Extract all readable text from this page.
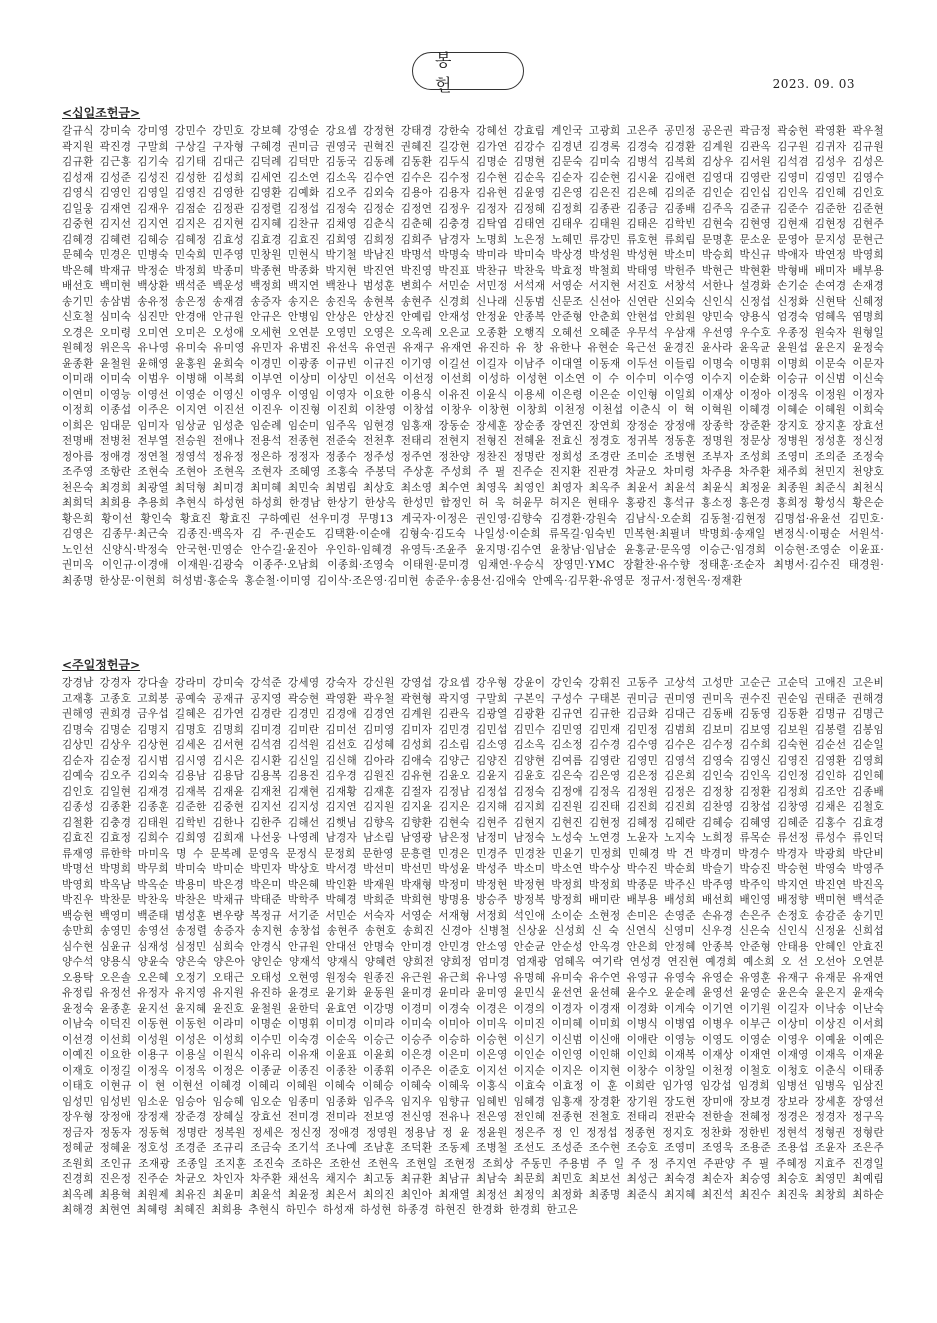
봉 헌	2023. 09. 03
<십일조헌금>
갈규식 강미숙 강미영 강민수 강민호 강보혜 강영순 강요셉 강정현 강태경 강한숙 강혜선 강효림 계인국 고광희 고은주 공민정 공은권 곽금정 곽숭현 곽영환 곽우철 곽지원 곽진경 구말희 구상길 구자형 구혜경 권미금 권영국 권혁진 권혜진 길강현 김가연 김강수 김경년 김경록 김경숙 김경환 김계원 김관옥 김구원 김귀자 김규원 김규환 김근홍 김기숙 김기태 김대근 김덕례 김덕만 김동국 김동례 김동환 김두식 김명순 김명현 김문숙 김미숙 김병석 김복희 김상우 김서원 김석겸 김성우 김성은 김성재 김성준 김성진 김성한 김성희 김세연 김소연 김소옥 김수연 김수은 김수정 김수현 김순옥 김순자 김순현 김시윤 김애련 김영대 김영란 김영미 김영민 김영수 김영식 김영인 김영일 김영진 김영한 김영환 김예화 김오주 김외숙 김용아 김용자 김유현 김윤영 김은영 김은진 김은혜 김의준 김인순 김인십 김인옥 김인혜 김인호 김일웅 김재연 김재우 김점순 김정관 김정렬 김정섭 김정숙 김정순 김정연 김정우 김정자 김정혜 김정희 김종관 김종금 김종배 김주옥 김준규 김준수 김준한 김준현 김중현 김지선 김지연 김지은 김지현 김지혜 김찬규 김채영 김춘식 김춘혜 김충경 김탁엽 김태연 김태우 김태원 김태은 김학빈 김현숙 김현영 김현재 김현정 김현주 김혜경 김혜련 김혜승 김혜정 김효성 김효경 김효진 김희영 김희정 김희주 남경자 노명희 노은정 노혜민 류강민 류호현 류희림 문명훈 문소운 문영아 문지성 문현근 문혜숙 민경은 민병숙 민숙희 민주영 민창원 민현식 박기철 박남진 박명석 박명숙 박미라 박미숙 박상경 박성원 박성현 박소미 박승희 박신규 박애자 박연정 박영희 박은혜 박재규 박정순 박정희 박종미 박종현 박종화 박지현 박진연 박진영 박진표 박찬규 박찬욱 박효정 박철희 박태영 박헌주 박현근 박현환 박형배 배미자 배부용 배선호 백미현 백상환 백석준 백운성 백정희 백지연 백찬나 범성훈 변희수 서민순 서민정 서석재 서영순 서지현 서진호 서창석 서한나 설경화 손기순 손여경 손재경 송기민 송삼범 송유정 송은정 송재겸 송증자 송지은 송진욱 송현복 송현주 신경희 신나래 신동범 신문조 신선아 신연란 신외숙 신인식 신정섭 신정화 신현탁 신혜정 신호철 심미숙 심진만 안경애 안규원 안규은 안병임 안상은 안상진 안예림 안재성 안정윤 안종복 안준형 안춘희 안현섭 안희원 양민숙 양용식 엄경숙 엄혜옥 염명희 오경은 오미령 오미연 오미은 오성애 오세현 오연분 오영민 오영은 오옥례 오은교 오종환 오행직 오혜선 오혜준 우무석 우삼재 우선영 우수호 우종정 원숙자 원형일 원혜정 위은옥 유나영 유미숙 유미영 유민자 유범진 유선옥 유연권 유재구 유재연 유진하 유 창 유한나 유현순 육근선 윤경진 윤사라 윤옥균 윤원섭 윤은지 윤정숙 윤종환 윤철원 윤해영 윤홍원 윤희숙 이경민 이광종 이규빈 이규진 이기영 이길선 이길자 이남주 이대열 이동재 이두선 이들림 이명숙 이명휘 이명희 이문숙 이문자 이미래 이미숙 이범우 이병해 이복희 이부연 이상미 이상민 이선옥 이선정 이선희 이성하 이성현 이소연 이 수 이수미 이수영 이수지 이순화 이승규 이신범 이신숙 이연미 이영능 이영선 이영순 이영신 이영우 이영임 이영자 이요한 이용식 이유진 이윤식 이용세 이은령 이은순 이인형 이일희 이재상 이정아 이정옥 이정원 이정자 이정희 이종섭 이주은 이지연 이진선 이진우 이진형 이진희 이찬영 이창섭 이창우 이창현 이창희 이천정 이천섭 이춘식 이 혁 이혁원 이혜경 이혜순 이혜원 이희숙 이희은 임대문 임미자 임상균 임성춘 임순례 임순미 임주옥 임현경 임홍재 장동순 장세훈 장순종 장연진 장연희 장정순 장정애 장종학 장준환 장지호 장지훈 장효선 전명배 전병천 전부열 전승원 전애나 전용석 전종현 전준숙 전천후 전태리 전현지 전형진 전혜윤 전효신 정경호 정귀복 정동훈 정명원 정문상 정병원 정성훈 정신정 정아름 정애경 정연철 정영석 정유정 정은하 정정자 정종수 정주성 정주연 정찬양 정찬진 정명란 정희성 조경란 조미순 조병현 조부자 조성희 조영미 조의준 조정숙 조주영 조항란 조현숙 조현아 조현옥 조현자 조혜영 조홍숙 주봉덕 주상훈 주성희 주 필 진주순 진지환 진판경 차균오 차미령 차주용 차주환 채주희 천민지 천양호 천은숙 최경희 최광열 최덕형 최미경 최미혜 최민숙 최범림 최상호 최소영 최수연 최영옥 최영인 최영자 최옥주 최윤서 최윤석 최윤식 최정윤 최종원 최준식 최천식 최희덕 최희용 추용희 추현식 하성현 하성희 한경남 한상기 한상옥 한성민 함정인 허 욱 허윤무 허지은 현태우 홍광진 홍석규 홍소정 홍은경 홍희정 황성식 황은순 황은희 황이선 황인숙 황효진 황효진 구하예린 선우미경 무명13 계국자·이정은 권인영·김향숙 김경환·강원숙 김남식·오순희 김동철·김현정 김명섭·유윤선 김민호·김영은 김종무·최근숙 김종진·백옥자 김 주·권순도 김택환·이순애 김형숙·김도숙 나일성·이순희 류목길·임숙빈 민복현·최필녀 박명희·송재일 변정식·이평순 서원석·노인선 신양식·박정숙 안국현·민영순 안수길·윤진아 우인하·임혜경 유영득·조윤주 윤지명·김수연 윤창남·임남순 윤홍균·문옥영 이승근·임경희 이승현·조영순 이윤표·권미옥 이인규·이경애 이재원·김광숙 이종주·오남희 이종희·조영숙 이태원·문미경 임채연·우승식 장영민·YMC 장활찬·유수향 정태훈·조순자 최병서·김수진 태경원·최종명 한상문·이현희 허성범·홍순욱 홍순철·이미영 김이삭·조은영·김미현 송준우·송용선·김애숙 안예옥·김무환·유영문 정규서·정현옥·정재환
<주일정헌금>
강경남 강경자 강다솔 강라미 강미숙 강석준 강세영 강숙자 강신원 강영섭 강요셉 강우형 강윤이 강인숙 강휘진 고동주 고상석 고성만 고순근 고순덕 고애진 고은비 고재홍 고종호 고희봉 공예숙 공재규 공지영 곽승현 곽영환 곽우철 곽현형 곽지영 구말희 구본익 구성수 구태본 권미금 권미영 권미옥 권수진 권순임 권태준 권해경 권해영 권희경 금우섭 길혜은 김가연 김경란 김경민 김경애 김경연 김계원 김관옥 김광열 김광환 김규연 김규한 김금화 김대근 김동배 김동영 김동환 김명규 김명근 김명숙 김명순 김명지 김명호 김명희 김미경 김미란 김미선 김미영 김미자 김민경 김민섭 김민수 김민영 김민재 김민정 김범희 김보미 김보영 김보원 김봉렬 김봉임 김상민 김상우 김상현 김세온 김서현 김석겸 김석원 김선호 김성혜 김성희 김소림 김소영 김소옥 김소정 김수경 김수영 김수은 김수정 김수희 김숙현 김순선 김순일 김순자 김순정 김시범 김시영 김시은 김시환 김신일 김신해 김아라 김애숙 김양근 김양진 김양현 김여름 김영란 김영민 김영석 김영숙 김영신 김영진 김영환 김영희 김예숙 김오주 김외숙 김용남 김용담 김용복 김용진 김우경 김원진 김유현 김윤오 김윤지 김윤호 김은숙 김은영 김은정 김은희 김인숙 김인옥 김인정 김인하 김인혜 김인호 김일현 김재경 김재복 김재윤 김재천 김재현 김재황 김재훈 김절자 김정남 김정섭 김정숙 김정애 김정옥 김정원 김정은 김정창 김정환 김정희 김조안 김종배 김종성 김종환 김종훈 김준한 김중현 김지선 김지성 김지연 김지원 김지윤 김지은 김지해 김지희 김진원 김진태 김진희 김진희 김찬영 김창섭 김창영 김채은 김철호 김철환 김충경 김태원 김학빈 김한나 김한주 김해선 김햇님 김향옥 김향환 김현숙 김현주 김현지 김현진 김현정 김혜정 김혜란 김혜승 김혜영 김혜준 김홍수 김효경 김효진 김효정 김희수 김희영 김희재 나선웅 나영례 남경자 남소림 남영광 남은정 남정미 남정숙 노성숙 노연경 노윤자 노지숙 노희정 류목순 류선정 류성수 류인덕 류재영 류한학 마미옥 명 수 문복례 문영옥 문정식 문정희 문한영 문흥렬 민경은 민경주 민경찬 민윤기 민정희 민혜경 박 건 박경미 박경수 박경자 박광희 박단비 박명선 박명희 박무희 박미숙 박미순 박민자 박상호 박서경 박선미 박선민 박성윤 박성주 박소미 박소연 박수상 박수진 박순희 박슬기 박승진 박승현 박영숙 박영주 박영희 박옥남 박옥순 박용미 박은경 박은미 박은혜 박인환 박재원 박재형 박정미 박정현 박정현 박정희 박정희 박종문 박주신 박주영 박주익 박지연 박진연 박진옥 박진우 박찬문 박찬욱 박찬은 박채규 박태준 박학주 박혜경 박희준 박희현 방명용 방승주 방정복 방정희 배미란 배부용 배성희 배선희 배인영 배정향 백미현 백석준 백승현 백영미 백준태 범성훈 변우량 복정규 서기준 서민순 서숙자 서영순 서재형 서정희 석인애 소이순 소현정 손미은 손영준 손유경 손은주 손정호 송감준 송기민 송만희 송영민 송영선 송정렬 송증자 송지현 송창섭 송현주 송현호 송희진 신경아 신병철 신상윤 신성희 신 숙 신연식 신영미 신우경 신은숙 신인식 신정윤 신희섭 심수현 심윤규 심재성 심정민 심희숙 안경식 안규원 안대선 안명숙 안미경 안민경 안소영 안순균 안순성 안옥경 안은희 안정혜 안종복 안준형 안태용 안혜인 안효진 양수석 양용식 양윤숙 양은숙 양은아 양인순 양재석 양재식 양혜련 양희전 양희정 엄미경 엄재광 엄혜옥 여기락 연성경 연진현 예경희 예소희 오 선 오선아 오연분 오용탁 오은솔 오은혜 오정기 오태근 오태성 오현영 원정숙 원종진 유근원 유근희 유나영 유명혜 유미숙 유수연 유영규 유영숙 유영순 유영훈 유재구 유재문 유재연 유정림 유정선 유정자 유지영 유지원 유진하 윤경로 윤기화 윤동원 윤미경 윤미라 윤미영 윤민식 윤선연 윤선혜 윤수오 윤순례 윤영선 윤영순 윤은숙 윤은지 윤재숙 윤정숙 윤종훈 윤지선 윤지혜 윤진호 윤철원 윤한덕 윤효연 이강명 이경미 이경숙 이경은 이경의 이경자 이경재 이경화 이계숙 이기연 이기원 이길자 이낙송 이난숙 이남숙 이덕진 이동현 이동헌 이라미 이명순 이명휘 이미경 이미라 이미숙 이미아 이미옥 이미진 이미혜 이미희 이병식 이병엽 이병우 이부근 이상미 이상진 이서희 이선경 이선희 이성원 이성은 이성희 이수민 이숙경 이순옥 이승근 이승주 이승하 이승현 이신기 이신범 이신애 이애란 이영능 이영도 이영순 이영우 이예윤 이예은 이예진 이요한 이용구 이용실 이원식 이유리 이유재 이윤표 이윤희 이은경 이은미 이은영 이인순 이인영 이인해 이인희 이재복 이재상 이재연 이재영 이재옥 이재윤 이재호 이정길 이정옥 이정옥 이정은 이종균 이종진 이종찬 이종휘 이주은 이준호 이지선 이지순 이지은 이지현 이창수 이창일 이천정 이철호 이청호 이춘식 이태종 이태호 이현규 이 현 이현선 이혜경 이혜리 이혜원 이혜숙 이혜승 이혜숙 이혜욱 이홍식 이효숙 이효정 이 훈 이희란 임가영 임강섭 임경희 임병선 임병옥 임삼진 임성민 임성빈 임소운 임승아 임승혜 임오순 임종미 임종화 임주옥 임지우 임향규 임혜빈 임혜경 임홍재 장경환 장기원 장도현 장미애 장보경 장보라 장세훈 장영선 장우형 장정애 장정재 장준경 장혜실 장효선 전미경 전미라 전보영 전신영 전유나 전은영 전인혜 전종현 전철호 전태리 전판숙 전한솔 전혜정 정경은 정경자 정구옥 정금자 정동자 정동혁 정명란 정복원 정세은 정신정 정애경 정영원 정용남 정 윤 정윤원 정은주 정 인 정정섭 정종현 정지호 정찬화 정한빈 정현석 정형권 정형란 정혜균 정혜윤 정호성 조경준 조규리 조금숙 조기석 조나예 조남훈 조덕환 조동제 조병철 조선도 조성준 조수현 조승호 조영미 조영욱 조용준 조용섭 조윤자 조은주 조원희 조인규 조재광 조종일 조지훈 조진숙 조하은 조한선 조현옥 조현일 조현정 조희상 주동민 주용범 주 일 주 정 주지연 주판양 주 필 주혜정 지효주 진경일 진경희 진은정 진주순 차균오 차인자 차주환 채선옥 채지수 최고동 최규환 최남규 최남숙 최문희 최민호 최보선 최성근 최숙경 최순자 최승영 최승호 최영민 최예림 최옥례 최용혁 최원제 최유진 최윤미 최윤석 최윤정 최은서 최의진 최인아 최재열 최정선 최정익 최정화 최종명 최준식 최지혜 최진석 최진수 최진욱 최창희 최하순 최해경 최현연 최혜령 최혜진 최희용 추현식 하민수 하성재 하성현 하종경 하현진 한경화 한경희 한고은
